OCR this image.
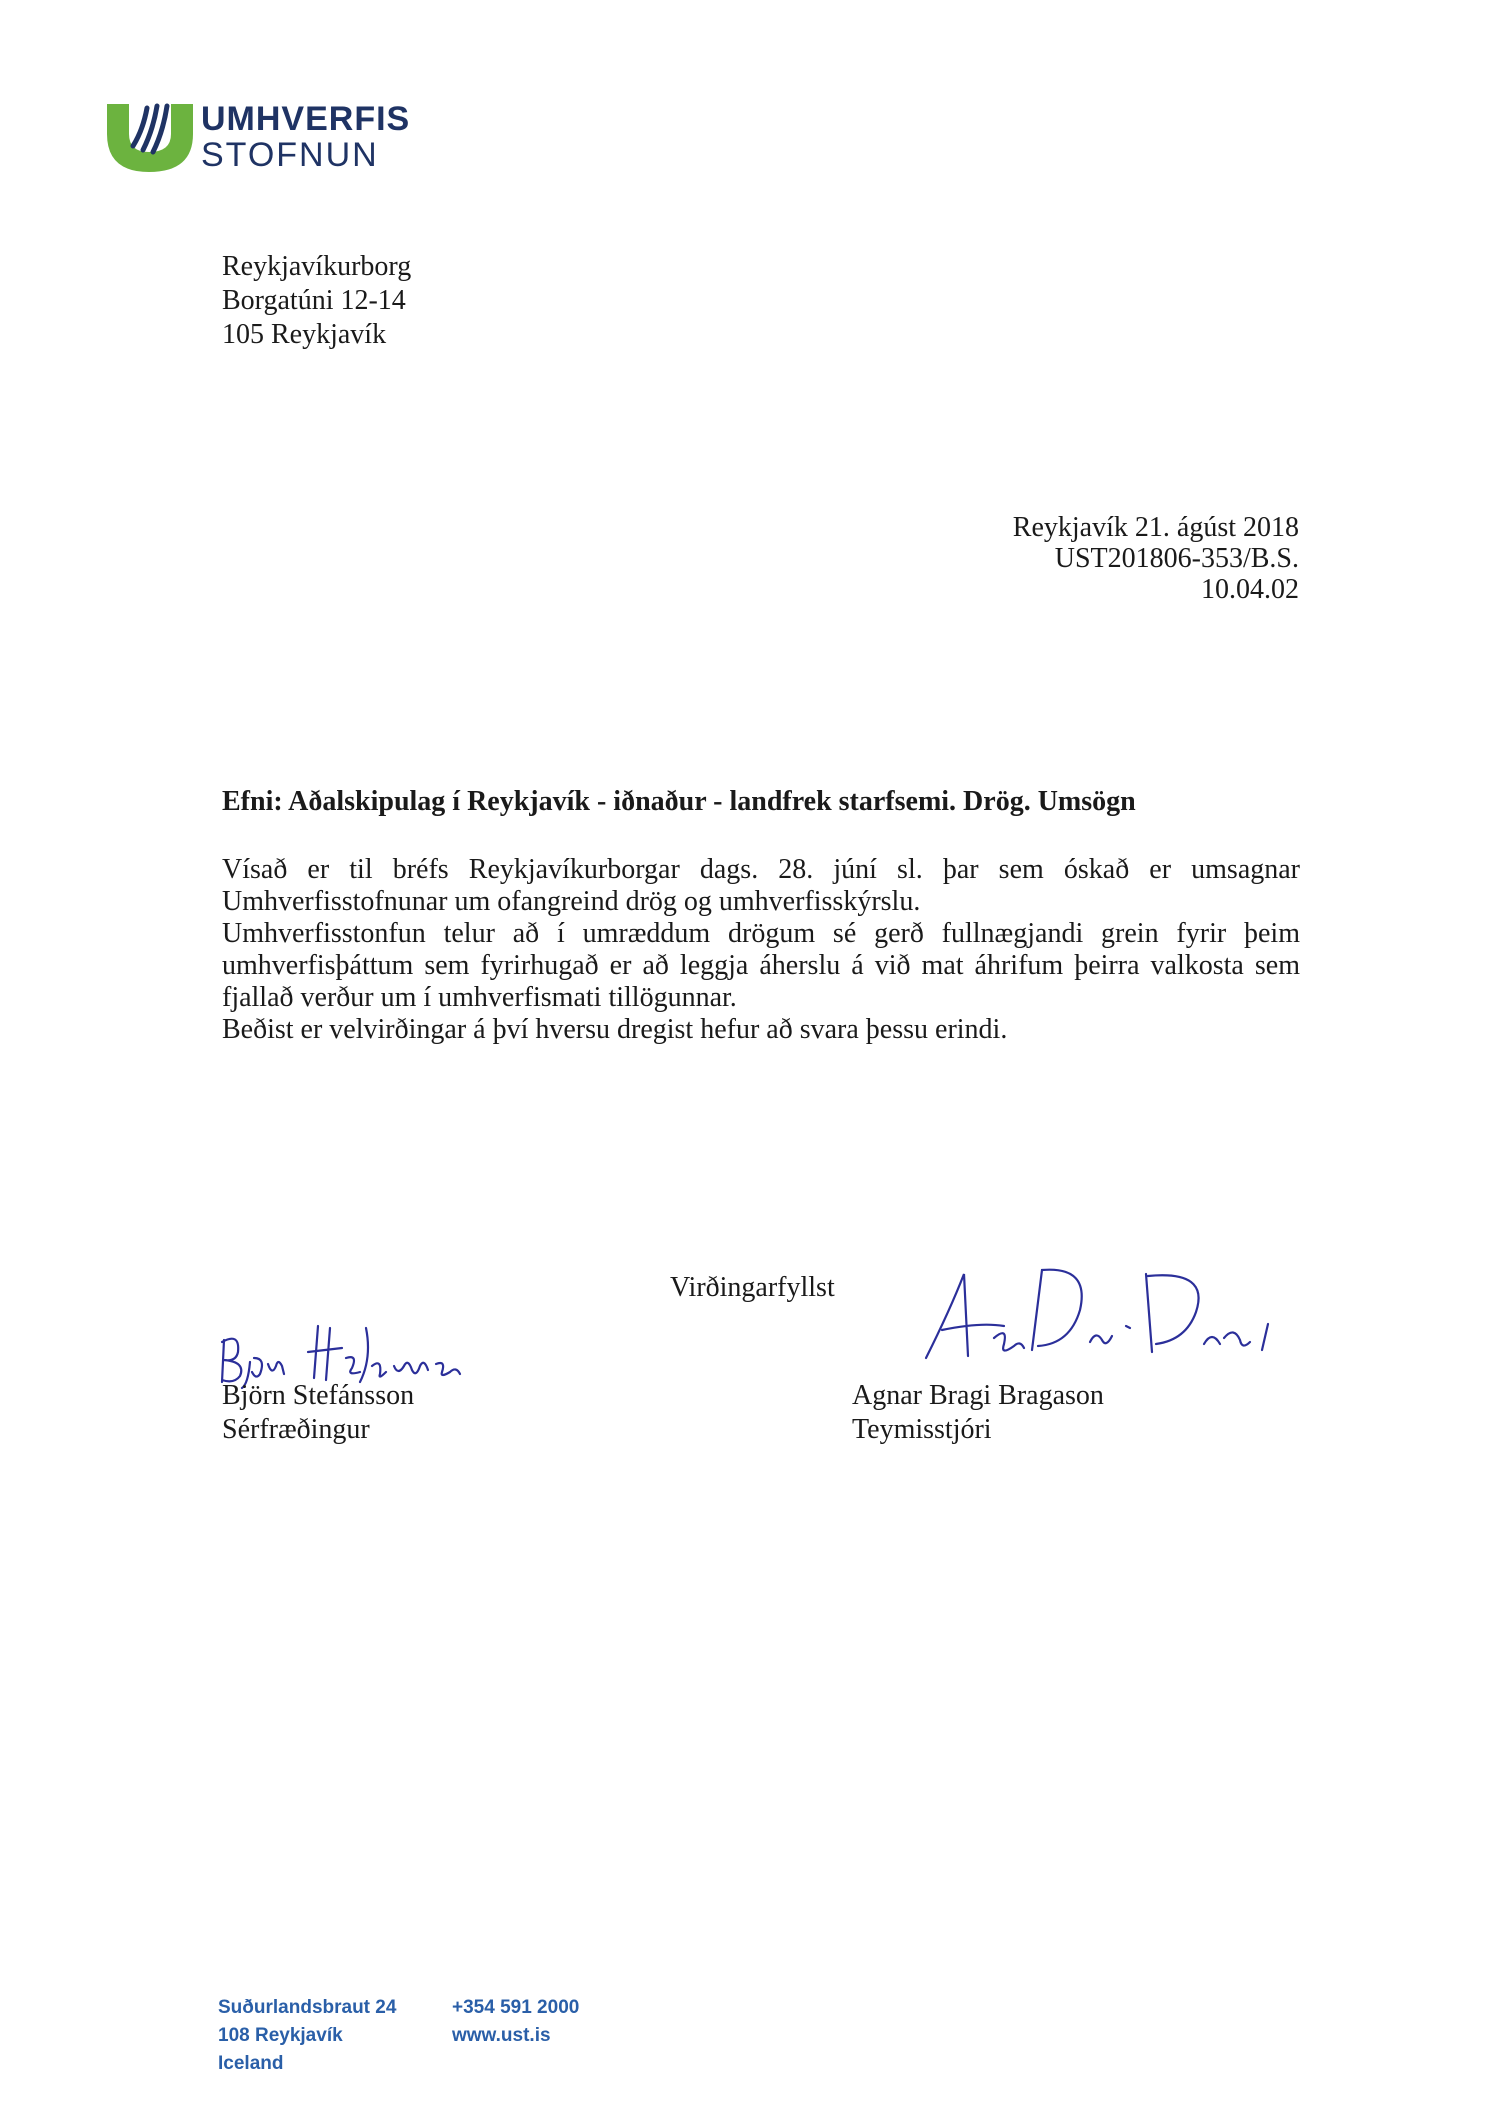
UMHVERFIS
STOFNUN
Reykjavíkurborg
Borgatúni 12-14
105 Reykjavík
Reykjavík 21. ágúst 2018
UST201806-353/B.S.
10.04.02
Efni: Aðalskipulag í Reykjavík - iðnaður - landfrek starfsemi. Drög. Umsögn

Vísað er til bréfs Reykjavíkurborgar dags. 28. júní sl. þar sem óskað er umsagnar Umhverfisstofnunar um ofangreind drög og umhverfisskýrslu.

Umhverfisstonfun telur að í umræddum drögum sé gerð fullnægjandi grein fyrir þeim umhverfisþáttum sem fyrirhugað er að leggja áherslu á við mat áhrifum þeirra valkosta sem fjallað verður um í umhverfismati tillögunnar.

Beðist er velvirðingar á því hversu dregist hefur að svara þessu erindi.

Virðingarfyllst
Björn Stefánsson
Sérfræðingur
Agnar Bragi Bragason
Teymisstjóri
Suðurlandsbraut 24
108 Reykjavík
Iceland
+354 591 2000
www.ust.is
